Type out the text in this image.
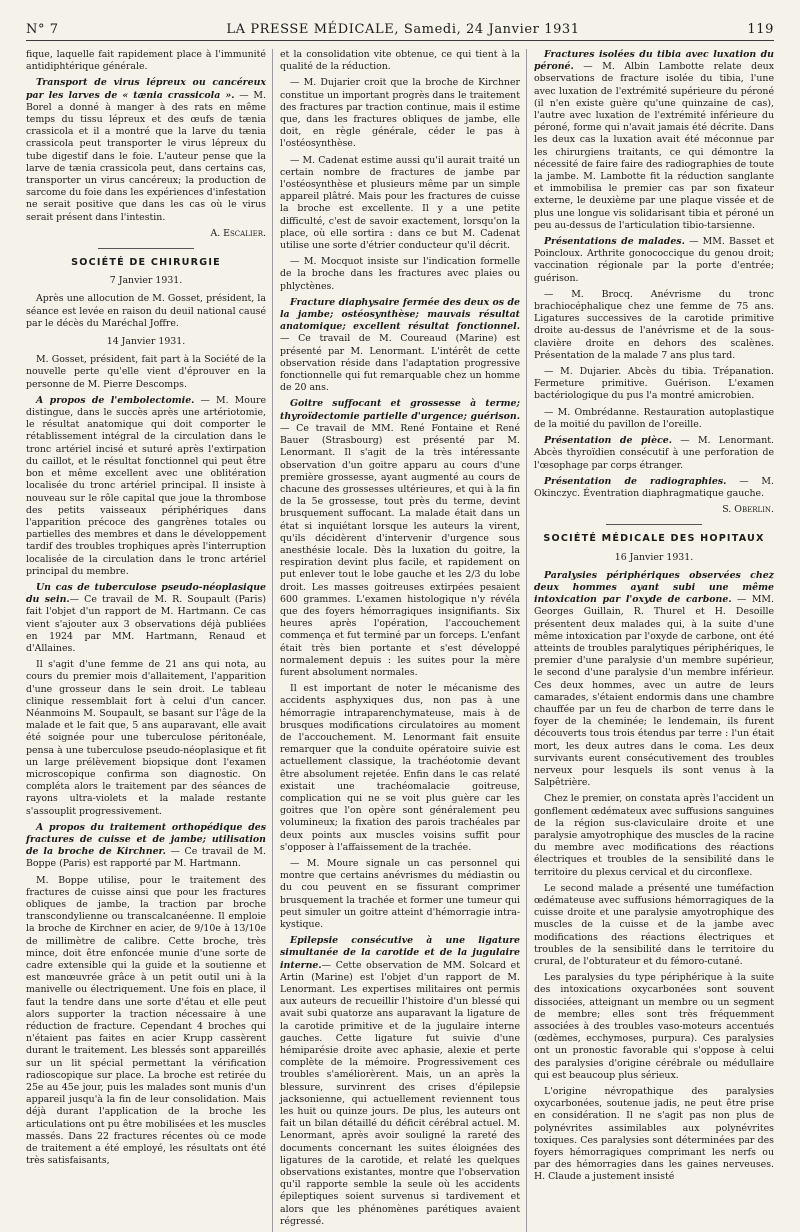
N° 7	LA PRESSE MÉDICALE, Samedi, 24 Janvier 1931	119

fique, laquelle fait rapidement place à l'immunité antidiphtérique générale.

Transport de virus lépreux ou cancéreux par les larves de « tænia crassicola ». — M. Borel a donné à manger à des rats en même temps du tissu lépreux et des œufs de tænia crassicola et il a montré que la larve du tænia crassicola peut transporter le virus lépreux du tube digestif dans le foie. L'auteur pense que la larve de tænia crassicola peut, dans certains cas, transporter un virus cancéreux; la production de sarcome du foie dans les expériences d'infestation ne serait positive que dans les cas où le virus serait présent dans l'intestin.

A. Escalier.
SOCIÉTÉ DE CHIRURGIE
7 Janvier 1931.

Après une allocution de M. Gosset, président, la séance est levée en raison du deuil national causé par le décès du Maréchal Joffre.

14 Janvier 1931.

M. Gosset, président, fait part à la Société de la nouvelle perte qu'elle vient d'éprouver en la personne de M. Pierre Descomps.

A propos de l'embolectomie. — M. Moure distingue, dans le succès après une artériotomie, le résultat anatomique qui doit comporter le rétablissement intégral de la circulation dans le tronc artériel incisé et suturé après l'extirpation du caillot, et le résultat fonctionnel qui peut être bon et même excellent avec une oblitération localisée du tronc artériel principal. Il insiste à nouveau sur le rôle capital que joue la thrombose des petits vaisseaux périphériques dans l'apparition précoce des gangrènes totales ou partielles des membres et dans le développement tardif des troubles trophiques après l'interruption localisée de la circulation dans le tronc artériel principal du membre.

Un cas de tuberculose pseudo-néoplasique du sein.— Ce travail de M. R. Soupault (Paris) fait l'objet d'un rapport de M. Hartmann. Ce cas vient s'ajouter aux 3 observations déjà publiées en 1924 par MM. Hartmann, Renaud et d'Allaines.

Il s'agit d'une femme de 21 ans qui nota, au cours du premier mois d'allaitement, l'apparition d'une grosseur dans le sein droit. Le tableau clinique ressemblait fort à celui d'un cancer. Néanmoins M. Soupault, se basant sur l'âge de la malade et le fait que, 5 ans auparavant, elle avait été soignée pour une tuberculose péritonéale, pensa à une tuberculose pseudo-néoplasique et fit un large prélèvement biopsique dont l'examen microscopique confirma son diagnostic. On compléta alors le traitement par des séances de rayons ultra-violets et la malade restante s'assouplit progressivement.

A propos du traitement orthopédique des fractures de cuisse et de jambe; utilisation de la broche de Kirchner. — Ce travail de M. Boppe (Paris) est rapporté par M. Hartmann.

M. Boppe utilise, pour le traitement des fractures de cuisse ainsi que pour les fractures obliques de jambe, la traction par broche transcondylienne ou transcalcanéenne. Il emploie la broche de Kirchner en acier, de 9/10e à 13/10e de millimètre de calibre. Cette broche, très mince, doit être enfoncée munie d'une sorte de cadre extensible qui la guide et la soutienne et est manœuvrée grâce à un petit outil uni à la manivelle ou électriquement. Une fois en place, il faut la tendre dans une sorte d'étau et elle peut alors supporter la traction nécessaire à une réduction de fracture. Cependant 4 broches qui n'étaient pas faites en acier Krupp cassèrent durant le traitement. Les blessés sont appareillés sur un lit spécial permettant la vérification radioscopique sur place. La broche est retirée du 25e au 45e jour, puis les malades sont munis d'un appareil jusqu'à la fin de leur consolidation. Mais déjà durant l'application de la broche les articulations ont pu être mobilisées et les muscles massés. Dans 22 fractures récentes où ce mode de traitement a été employé, les résultats ont été très satisfaisants,

et la consolidation vite obtenue, ce qui tient à la qualité de la réduction.

— M. Dujarier croit que la broche de Kirchner constitue un important progrès dans le traitement des fractures par traction continue, mais il estime que, dans les fractures obliques de jambe, elle doit, en règle générale, céder le pas à l'ostéosynthèse.

— M. Cadenat estime aussi qu'il aurait traité un certain nombre de fractures de jambe par l'ostéosynthèse et plusieurs même par un simple appareil plâtré. Mais pour les fractures de cuisse la broche est excellente. Il y a une petite difficulté, c'est de savoir exactement, lorsqu'on la place, où elle sortira : dans ce but M. Cadenat utilise une sorte d'étrier conducteur qu'il décrit.

— M. Mocquot insiste sur l'indication formelle de la broche dans les fractures avec plaies ou phlyctènes.

Fracture diaphysaire fermée des deux os de la jambe; ostéosynthèse; mauvais résultat anatomique; excellent résultat fonctionnel. — Ce travail de M. Coureaud (Marine) est présenté par M. Lenormant. L'intérêt de cette observation réside dans l'adaptation progressive fonctionnelle qui fut remarquable chez un homme de 20 ans.

Goitre suffocant et grossesse à terme; thyroïdectomie partielle d'urgence; guérison. — Ce travail de MM. René Fontaine et René Bauer (Strasbourg) est présenté par M. Lenormant. Il s'agit de la très intéressante observation d'un goitre apparu au cours d'une première grossesse, ayant augmenté au cours de chacune des grossesses ultérieures, et qui à la fin de la 5e grossesse, tout près du terme, devint brusquement suffocant. La malade était dans un état si inquiétant lorsque les auteurs la virent, qu'ils décidèrent d'intervenir d'urgence sous anesthésie locale. Dès la luxation du goitre, la respiration devint plus facile, et rapidement on put enlever tout le lobe gauche et les 2/3 du lobe droit. Les masses goitreuses extirpées pesaient 600 grammes. L'examen histologique n'y révéla que des foyers hémorragiques insignifiants. Six heures après l'opération, l'accouchement commença et fut terminé par un forceps. L'enfant était très bien portante et s'est développé normalement depuis : les suites pour la mère furent absolument normales.

Il est important de noter le mécanisme des accidents asphyxiques dus, non pas à une hémorragie intraparenchymateuse, mais à de brusques modifications circulatoires au moment de l'accouchement. M. Lenormant fait ensuite remarquer que la conduite opératoire suivie est actuellement classique, la trachéotomie devant être absolument rejetée. Enfin dans le cas relaté existait une trachéomalacie goitreuse, complication qui ne se voit plus guère car les goitres que l'on opère sont généralement peu volumineux; la fixation des parois trachéales par deux points aux muscles voisins suffit pour s'opposer à l'affaissement de la trachée.

— M. Moure signale un cas personnel qui montre que certains anévrismes du médiastin ou du cou peuvent en se fissurant comprimer brusquement la trachée et former une tumeur qui peut simuler un goitre atteint d'hémorragie intra-kystique.

Epilepsie consécutive à une ligature simultanée de la carotide et de la jugulaire interne.— Cette observation de MM. Solcard et Artin (Marine) est l'objet d'un rapport de M. Lenormant. Les expertises militaires ont permis aux auteurs de recueillir l'histoire d'un blessé qui avait subi quatorze ans auparavant la ligature de la carotide primitive et de la jugulaire interne gauches. Cette ligature fut suivie d'une hémiparésie droite avec aphasie, alexie et perte complète de la mémoire. Progressivement ces troubles s'améliorèrent. Mais, un an après la blessure, survinrent des crises d'épilepsie jacksonienne, qui actuellement reviennent tous les huit ou quinze jours. De plus, les auteurs ont fait un bilan détaillé du déficit cérébral actuel. M. Lenormant, après avoir souligné la rareté des documents concernant les suites éloignées des ligatures de la carotide, et relaté les quelques observations existantes, montre que l'observation qu'il rapporte semble la seule où les accidents épileptiques soient survenus si tardivement et alors que les phénomènes parétiques avaient régressé.

Fractures isolées du tibia avec luxation du péroné. — M. Albin Lambotte relate deux observations de fracture isolée du tibia, l'une avec luxation de l'extrémité supérieure du péroné (il n'en existe guère qu'une quinzaine de cas), l'autre avec luxation de l'extrémité inférieure du péroné, forme qui n'avait jamais été décrite. Dans les deux cas la luxation avait été méconnue par les chirurgiens traitants, ce qui démontre la nécessité de faire faire des radiographies de toute la jambe. M. Lambotte fit la réduction sanglante et immobilisa le premier cas par son fixateur externe, le deuxième par une plaque vissée et de plus une longue vis solidarisant tibia et péroné un peu au-dessus de l'articulation tibio-tarsienne.

Présentations de malades. — MM. Basset et Poincloux. Arthrite gonococcique du genou droit; vaccination régionale par la porte d'entrée; guérison.

— M. Brocq. Anévrisme du tronc brachiocéphalique chez une femme de 75 ans. Ligatures successives de la carotide primitive droite au-dessus de l'anévrisme et de la sous-clavière droite en dehors des scalènes. Présentation de la malade 7 ans plus tard.

— M. Dujarier. Abcès du tibia. Trépanation. Fermeture primitive. Guérison. L'examen bactériologique du pus l'a montré amicrobien.

— M. Ombrédanne. Restauration autoplastique de la moitié du pavillon de l'oreille.

Présentation de pièce. — M. Lenormant. Abcès thyroïdien consécutif à une perforation de l'œsophage par corps étranger.

Présentation de radiographies. — M. Okinczyc. Éventration diaphragmatique gauche.

S. Oberlin.
SOCIÉTÉ MÉDICALE DES HOPITAUX
16 Janvier 1931.

Paralysies périphériques observées chez deux hommes ayant subi une même intoxication par l'oxyde de carbone. — MM. Georges Guillain, R. Thurel et H. Desoille présentent deux malades qui, à la suite d'une même intoxication par l'oxyde de carbone, ont été atteints de troubles paralytiques périphériques, le premier d'une paralysie d'un membre supérieur, le second d'une paralysie d'un membre inférieur. Ces deux hommes, avec un autre de leurs camarades, s'étaient endormis dans une chambre chauffée par un feu de charbon de terre dans le foyer de la cheminée; le lendemain, ils furent découverts tous trois étendus par terre : l'un était mort, les deux autres dans le coma. Les deux survivants eurent consécutivement des troubles nerveux pour lesquels ils sont venus à la Salpêtrière.

Chez le premier, on constata après l'accident un gonflement œdémateux avec suffusions sanguines de la région sus-claviculaire droite et une paralysie amyotrophique des muscles de la racine du membre avec modifications des réactions électriques et troubles de la sensibilité dans le territoire du plexus cervical et du circonflexe.

Le second malade a présenté une tuméfaction œdémateuse avec suffusions hémorragiques de la cuisse droite et une paralysie amyotrophique des muscles de la cuisse et de la jambe avec modifications des réactions électriques et troubles de la sensibilité dans le territoire du crural, de l'obturateur et du fémoro-cutané.

Les paralysies du type périphérique à la suite des intoxications oxycarbonées sont souvent dissociées, atteignant un membre ou un segment de membre; elles sont très fréquemment associées à des troubles vaso-moteurs accentués (œdèmes, ecchymoses, purpura). Ces paralysies ont un pronostic favorable qui s'oppose à celui des paralysies d'origine cérébrale ou médullaire qui est beaucoup plus sérieux.

L'origine névropathique des paralysies oxycarbonées, soutenue jadis, ne peut être prise en considération. Il ne s'agit pas non plus de polynévrites assimilables aux polynévrites toxiques. Ces paralysies sont déterminées par des foyers hémorragiques comprimant les nerfs ou par des hémorragies dans les gaines nerveuses. H. Claude a justement insisté
